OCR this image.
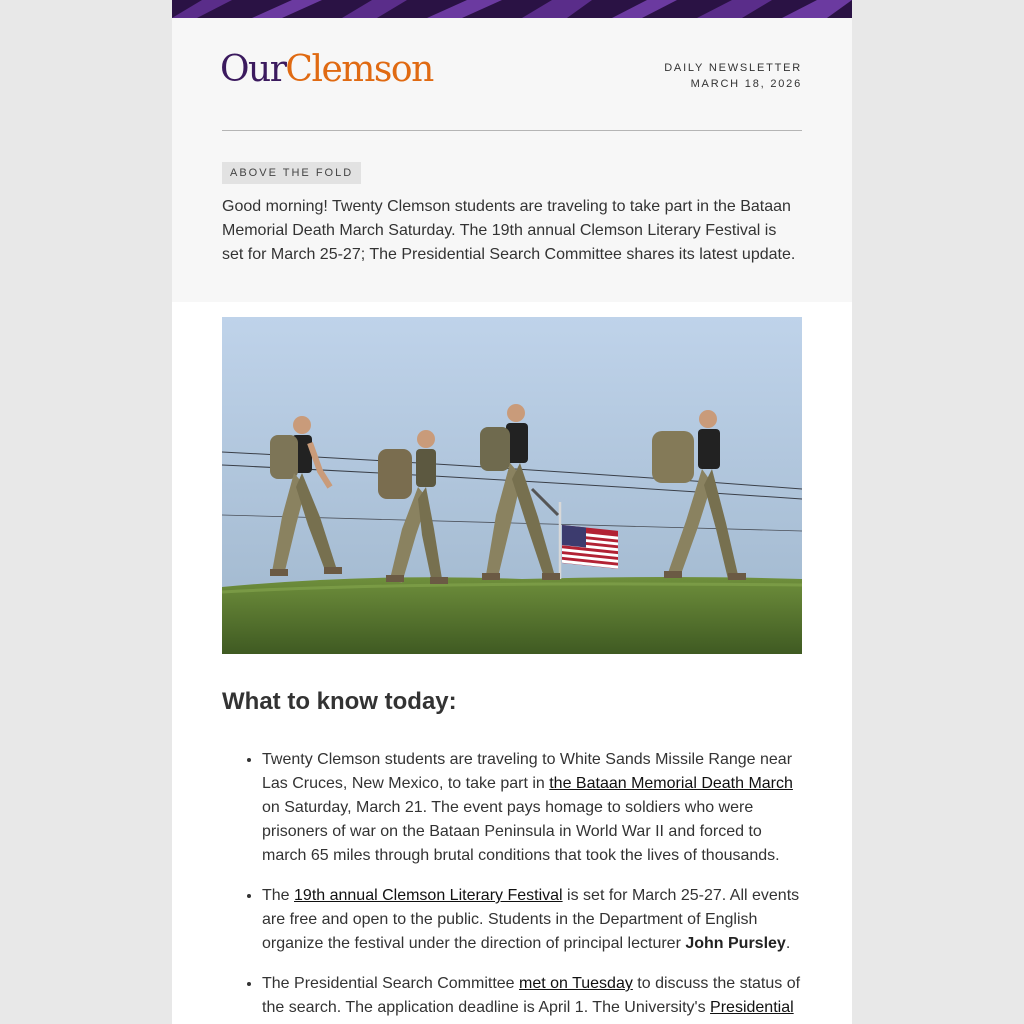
OurClemson	DAILY NEWSLETTER
MARCH 18, 2026
ABOVE THE FOLD

Good morning! Twenty Clemson students are traveling to take part in the Bataan Memorial Death March Saturday. The 19th annual Clemson Literary Festival is set for March 25-27; The Presidential Search Committee shares its latest update.

What to know today:
• Twenty Clemson students are traveling to White Sands Missile Range near Las Cruces, New Mexico, to take part in the Bataan Memorial Death March on Saturday, March 21. The event pays homage to soldiers who were prisoners of war on the Bataan Peninsula in World War II and forced to march 65 miles through brutal conditions that took the lives of thousands.
• The 19th annual Clemson Literary Festival is set for March 25-27. All events are free and open to the public. Students in the Department of English organize the festival under the direction of principal lecturer John Pursley.
• The Presidential Search Committee met on Tuesday to discuss the status of the search. The application deadline is April 1. The University's Presidential
